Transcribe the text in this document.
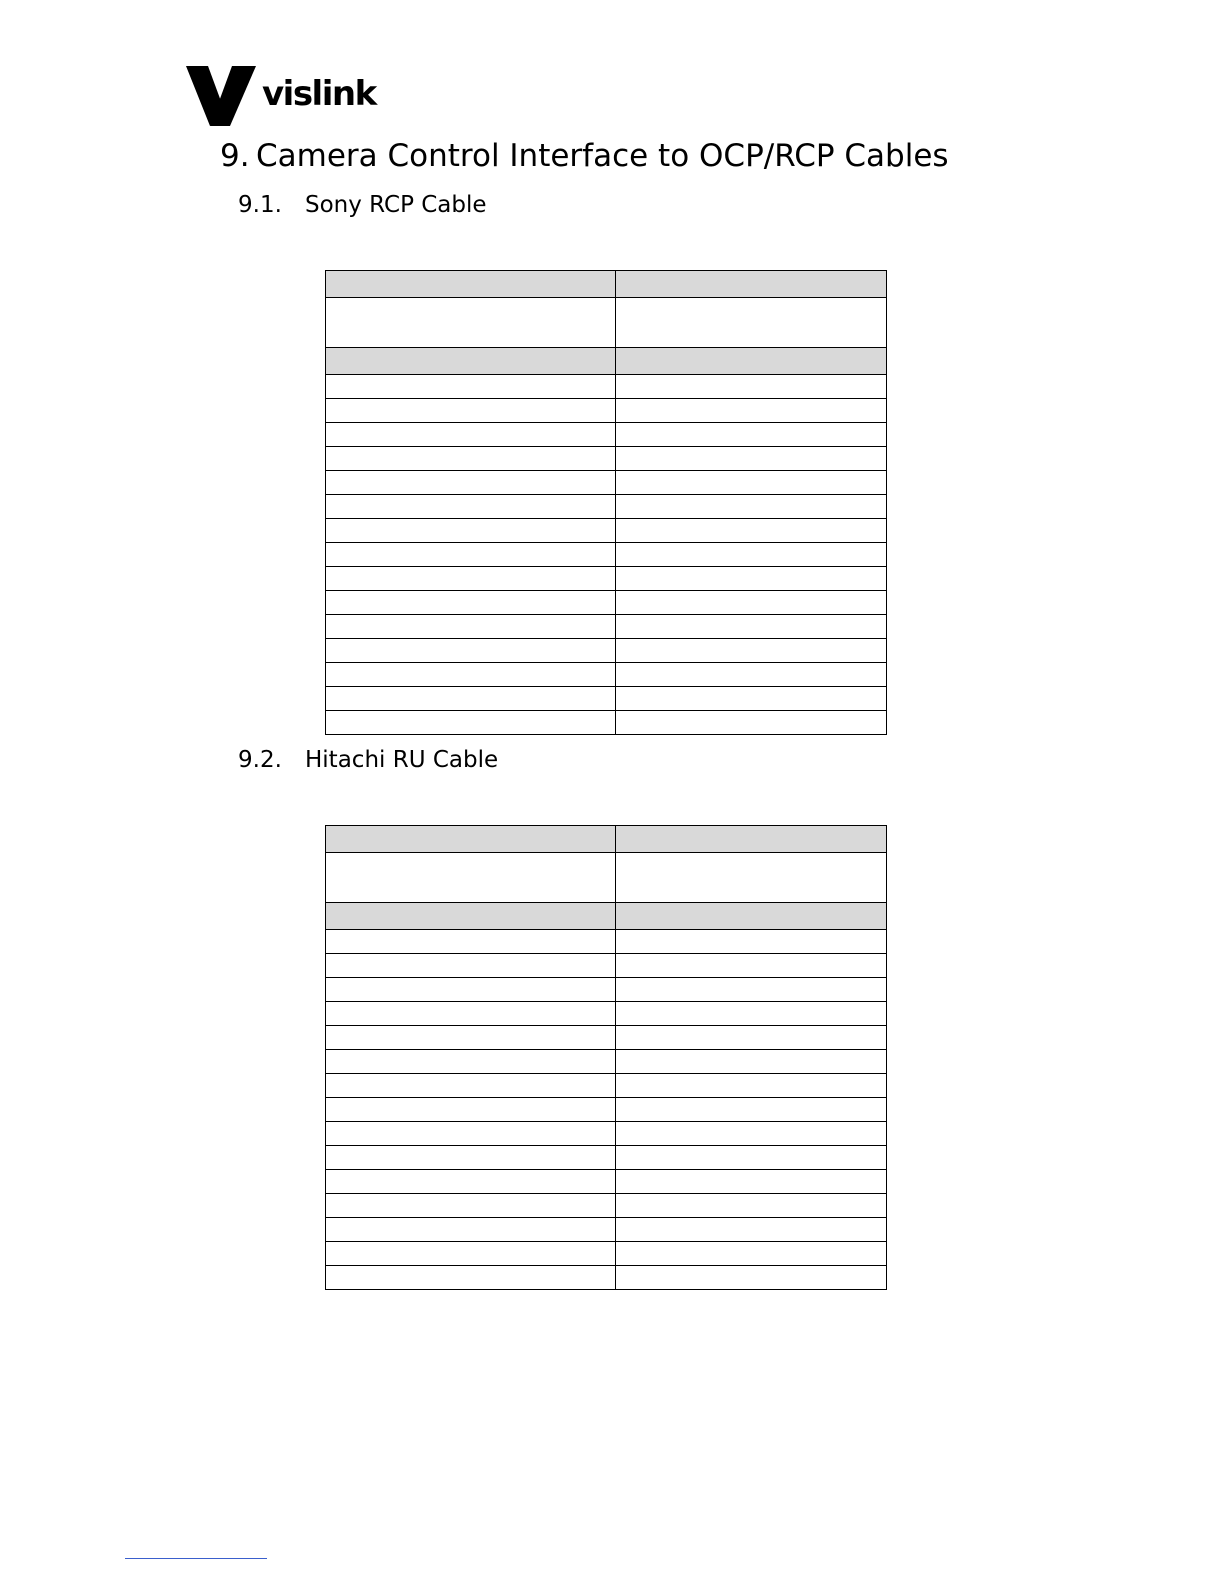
vislink
9. Camera Control Interface to OCP/RCP Cables
9.1. Sony RCP Cable

9.2. Hitachi RU Cable
